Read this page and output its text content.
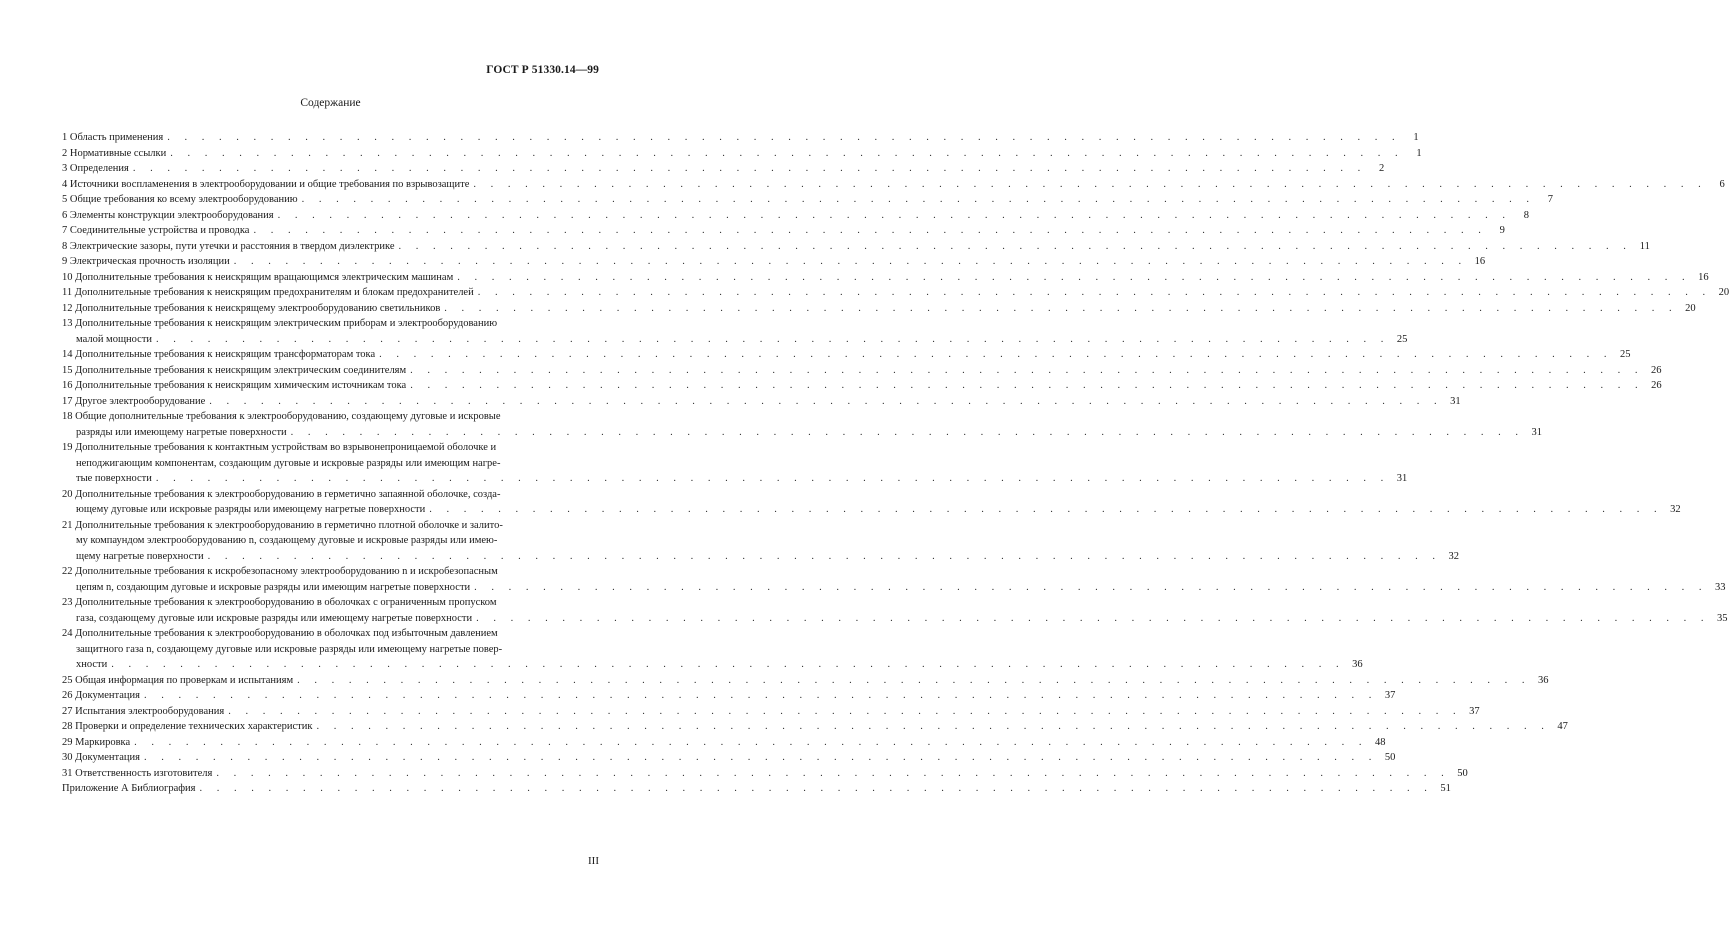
ГОСТ Р 51330.14—99
Содержание
1 Область применения . . . . . . . . . . . . . . . . . . . . . . . . . . . . . . . . . . . . . . . . . . . . . . . . . . . . . . . . . . . . . . . . . . . . . . . .	1
2 Нормативные ссылки . . . . . . . . . . . . . . . . . . . . . . . . . . . . . . . . . . . . . . . . . . . . . . . . . . . . . . . . . . . . . . . . . . . . . . . .	1
3 Определения . . . . . . . . . . . . . . . . . . . . . . . . . . . . . . . . . . . . . . . . . . . . . . . . . . . . . . . . . . . . . . . . . . . . . . . .	2
4 Источники воспламенения в электрооборудовании и общие требования по взрывозащите . . . . . . . . . . . . . . . . . . . . . . . . . . . . . . . . . . . . . . . . . . . . . . . . . . . . . . . . . . . . . . . . . . . . . . . .	6
5 Общие требования ко всему электрооборудованию . . . . . . . . . . . . . . . . . . . . . . . . . . . . . . . . . . . . . . . . . . . . . . . . . . . . . . . . . . . . . . . . . . . . . . . .	7
6 Элементы конструкции электрооборудования . . . . . . . . . . . . . . . . . . . . . . . . . . . . . . . . . . . . . . . . . . . . . . . . . . . . . . . . . . . . . . . . . . . . . . . .	8
7 Соединительные устройства и проводка . . . . . . . . . . . . . . . . . . . . . . . . . . . . . . . . . . . . . . . . . . . . . . . . . . . . . . . . . . . . . . . . . . . . . . . .	9
8 Электрические зазоры, пути утечки и расстояния в твердом диэлектрике . . . . . . . . . . . . . . . . . . . . . . . . . . . . . . . . . . . . . . . . . . . . . . . . . . . . . . . . . . . . . . . . . . . . . . . . 11
9 Электрическая прочность изоляции . . . . . . . . . . . . . . . . . . . . . . . . . . . . . . . . . . . . . . . . . . . . . . . . . . . . . . . . . . . . . . . . . . . . . . . . 16
10 Дополнительные требования к неискрящим вращающимся электрическим машинам . . . . . . . . . . . . . . . . . . . . . . . . . . . . . . . . . . . . . . . . . . . . . . . . . . . . . . . . . . . . . . . . . . . . . . . . 16
11 Дополнительные требования к неискрящим предохранителям и блокам предохранителей . . . . . . . . . . . . . . . . . . . . . . . . . . . . . . . . . . . . . . . . . . . . . . . . . . . . . . . . . . . . . . . . . . . . . . . . 20
12 Дополнительные требования к неискрящему электрооборудованию светильников . . . . . . . . . . . . . . . . . . . . . . . . . . . . . . . . . . . . . . . . . . . . . . . . . . . . . . . . . . . . . . . . . . . . . . . . 20
13 Дополнительные требования к неискрящим электрическим приборам и электрооборудованию
малой мощности . . . . . . . . . . . . . . . . . . . . . . . . . . . . . . . . . . . . . . . . . . . . . . . . . . . . . . . . . . . . . . . . . . . . . . . . 25
14 Дополнительные требования к неискрящим трансформаторам тока . . . . . . . . . . . . . . . . . . . . . . . . . . . . . . . . . . . . . . . . . . . . . . . . . . . . . . . . . . . . . . . . . . . . . . . . 25
15 Дополнительные требования к неискрящим электрическим соединителям . . . . . . . . . . . . . . . . . . . . . . . . . . . . . . . . . . . . . . . . . . . . . . . . . . . . . . . . . . . . . . . . . . . . . . . . 26
16 Дополнительные требования к неискрящим химическим источникам тока . . . . . . . . . . . . . . . . . . . . . . . . . . . . . . . . . . . . . . . . . . . . . . . . . . . . . . . . . . . . . . . . . . . . . . . . 26
17 Другое электрооборудование . . . . . . . . . . . . . . . . . . . . . . . . . . . . . . . . . . . . . . . . . . . . . . . . . . . . . . . . . . . . . . . . . . . . . . . . 31
18 Общие дополнительные требования к электрооборудованию, создающему дуговые и искровые
разряды или имеющему нагретые поверхности . . . . . . . . . . . . . . . . . . . . . . . . . . . . . . . . . . . . . . . . . . . . . . . . . . . . . . . . . . . . . . . . . . . . . . . . 31
19 Дополнительные требования к контактным устройствам во взрывонепроницаемой оболочке и
неподжигающим компонентам, создающим дуговые и искровые разряды или имеющим нагре-
тые поверхности . . . . . . . . . . . . . . . . . . . . . . . . . . . . . . . . . . . . . . . . . . . . . . . . . . . . . . . . . . . . . . . . . . . . . . . . 31
20 Дополнительные требования к электрооборудованию в герметично запаянной оболочке, созда-
ющему дуговые или искровые разряды или имеющему нагретые поверхности . . . . . . . . . . . . . . . . . . . . . . . . . . . . . . . . . . . . . . . . . . . . . . . . . . . . . . . . . . . . . . . . . . . . . . . . 32
21 Дополнительные требования к электрооборудованию в герметично плотной оболочке и залито-
му компаундом электрооборудованию n, создающему дуговые и искровые разряды или имею-
щему нагретые поверхности . . . . . . . . . . . . . . . . . . . . . . . . . . . . . . . . . . . . . . . . . . . . . . . . . . . . . . . . . . . . . . . . . . . . . . . . 32
22 Дополнительные требования к искробезопасному электрооборудованию n и искробезопасным
цепям n, создающим дуговые и искровые разряды или имеющим нагретые поверхности . . . . . . . . . . . . . . . . . . . . . . . . . . . . . . . . . . . . . . . . . . . . . . . . . . . . . . . . . . . . . . . . . . . . . . . . 33
23 Дополнительные требования к электрооборудованию в оболочках с ограниченным пропуском
газа, создающему дуговые или искровые разряды или имеющему нагретые поверхности . . . . . . . . . . . . . . . . . . . . . . . . . . . . . . . . . . . . . . . . . . . . . . . . . . . . . . . . . . . . . . . . . . . . . . . . 35
24 Дополнительные требования к электрооборудованию в оболочках под избыточным давлением
защитного газа n, создающему дуговые или искровые разряды или имеющему нагретые повер-
хности . . . . . . . . . . . . . . . . . . . . . . . . . . . . . . . . . . . . . . . . . . . . . . . . . . . . . . . . . . . . . . . . . . . . . . . . 36
25 Общая информация по проверкам и испытаниям . . . . . . . . . . . . . . . . . . . . . . . . . . . . . . . . . . . . . . . . . . . . . . . . . . . . . . . . . . . . . . . . . . . . . . . . 36
26 Документация . . . . . . . . . . . . . . . . . . . . . . . . . . . . . . . . . . . . . . . . . . . . . . . . . . . . . . . . . . . . . . . . . . . . . . . . 37
27 Испытания электрооборудования . . . . . . . . . . . . . . . . . . . . . . . . . . . . . . . . . . . . . . . . . . . . . . . . . . . . . . . . . . . . . . . . . . . . . . . . 37
28 Проверки и определение технических характеристик . . . . . . . . . . . . . . . . . . . . . . . . . . . . . . . . . . . . . . . . . . . . . . . . . . . . . . . . . . . . . . . . . . . . . . . . 47
29 Маркировка . . . . . . . . . . . . . . . . . . . . . . . . . . . . . . . . . . . . . . . . . . . . . . . . . . . . . . . . . . . . . . . . . . . . . . . . 48
30 Документация . . . . . . . . . . . . . . . . . . . . . . . . . . . . . . . . . . . . . . . . . . . . . . . . . . . . . . . . . . . . . . . . . . . . . . . . 50
31 Ответственность изготовителя . . . . . . . . . . . . . . . . . . . . . . . . . . . . . . . . . . . . . . . . . . . . . . . . . . . . . . . . . . . . . . . . . . . . . . . . 50
Приложение А Библиография . . . . . . . . . . . . . . . . . . . . . . . . . . . . . . . . . . . . . . . . . . . . . . . . . . . . . . . . . . . . . . . . . . . . . . . . 51
III
